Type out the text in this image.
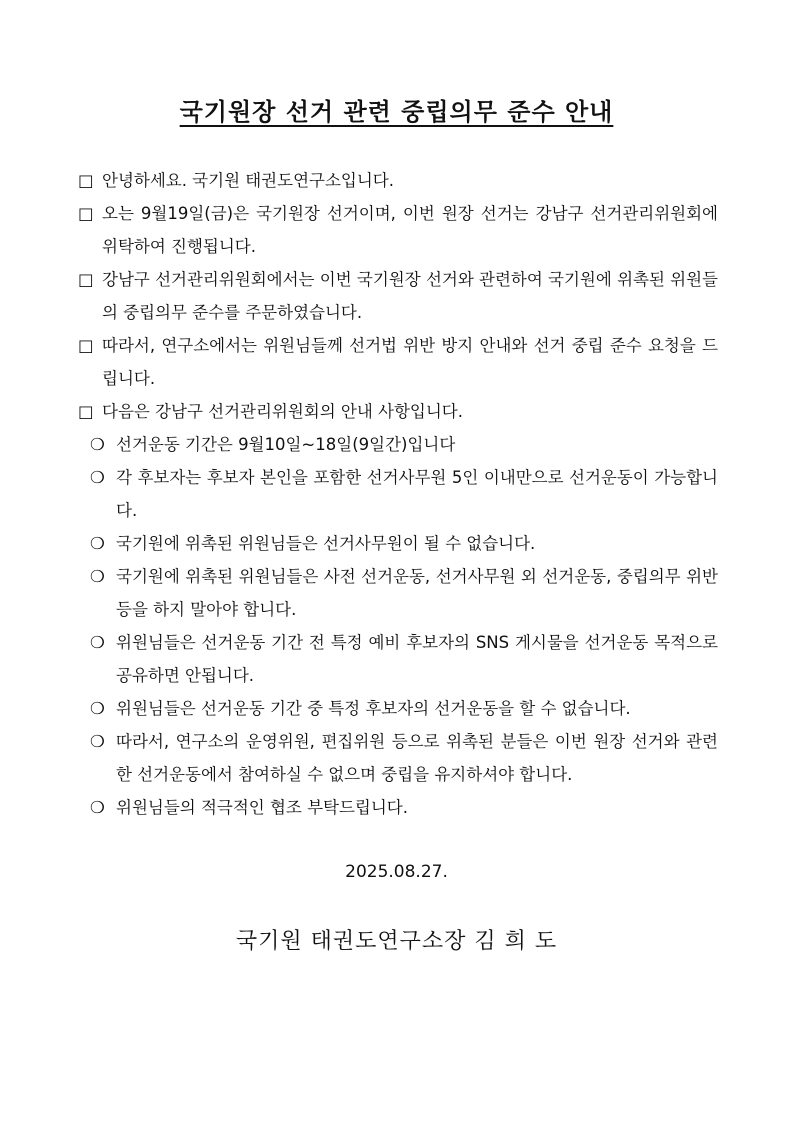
국기원장 선거 관련 중립의무 준수 안내
□ 안녕하세요. 국기원 태권도연구소입니다.
□ 오는 9월19일(금)은 국기원장 선거이며, 이번 원장 선거는 강남구 선거관리위원회에 위탁하여 진행됩니다.
□ 강남구 선거관리위원회에서는 이번 국기원장 선거와 관련하여 국기원에 위촉된 위원들의 중립의무 준수를 주문하였습니다.
□ 따라서, 연구소에서는 위원님들께 선거법 위반 방지 안내와 선거 중립 준수 요청을 드립니다.
□ 다음은 강남구 선거관리위원회의 안내 사항입니다.
❍ 선거운동 기간은 9월10일~18일(9일간)입니다
❍ 각 후보자는 후보자 본인을 포함한 선거사무원 5인 이내만으로 선거운동이 가능합니다.
❍ 국기원에 위촉된 위원님들은 선거사무원이 될 수 없습니다.
❍ 국기원에 위촉된 위원님들은 사전 선거운동, 선거사무원 외 선거운동, 중립의무 위반 등을 하지 말아야 합니다.
❍ 위원님들은 선거운동 기간 전 특정 예비 후보자의 SNS 게시물을 선거운동 목적으로 공유하면 안됩니다.
❍ 위원님들은 선거운동 기간 중 특정 후보자의 선거운동을 할 수 없습니다.
❍ 따라서, 연구소의 운영위원, 편집위원 등으로 위촉된 분들은 이번 원장 선거와 관련한 선거운동에서 참여하실 수 없으며 중립을 유지하셔야 합니다.
❍ 위원님들의 적극적인 협조 부탁드립니다.
2025.08.27.
국기원 태권도연구소장 김 희 도
